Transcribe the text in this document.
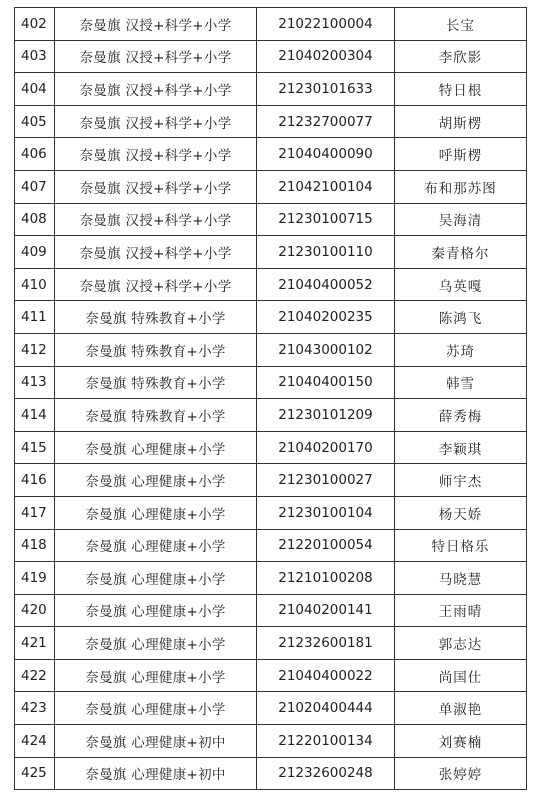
402	奈曼旗 汉授+科学+小学	21022100004	长宝
403	奈曼旗 汉授+科学+小学	21040200304	李欣影
404	奈曼旗 汉授+科学+小学	21230101633	特日根
405	奈曼旗 汉授+科学+小学	21232700077	胡斯楞
406	奈曼旗 汉授+科学+小学	21040400090	呼斯楞
407	奈曼旗 汉授+科学+小学	21042100104	布和那苏图
408	奈曼旗 汉授+科学+小学	21230100715	吴海清
409	奈曼旗 汉授+科学+小学	21230100110	秦青格尔
410	奈曼旗 汉授+科学+小学	21040400052	乌英嘎
411	奈曼旗 特殊教育+小学	21040200235	陈鸿飞
412	奈曼旗 特殊教育+小学	21043000102	苏琦
413	奈曼旗 特殊教育+小学	21040400150	韩雪
414	奈曼旗 特殊教育+小学	21230101209	薛秀梅
415	奈曼旗 心理健康+小学	21040200170	李颖琪
416	奈曼旗 心理健康+小学	21230100027	师宇杰
417	奈曼旗 心理健康+小学	21230100104	杨天娇
418	奈曼旗 心理健康+小学	21220100054	特日格乐
419	奈曼旗 心理健康+小学	21210100208	马晓慧
420	奈曼旗 心理健康+小学	21040200141	王雨晴
421	奈曼旗 心理健康+小学	21232600181	郭志达
422	奈曼旗 心理健康+小学	21040400022	尚国仕
423	奈曼旗 心理健康+小学	21020400444	单淑艳
424	奈曼旗 心理健康+初中	21220100134	刘赛楠
425	奈曼旗 心理健康+初中	21232600248	张婷婷
